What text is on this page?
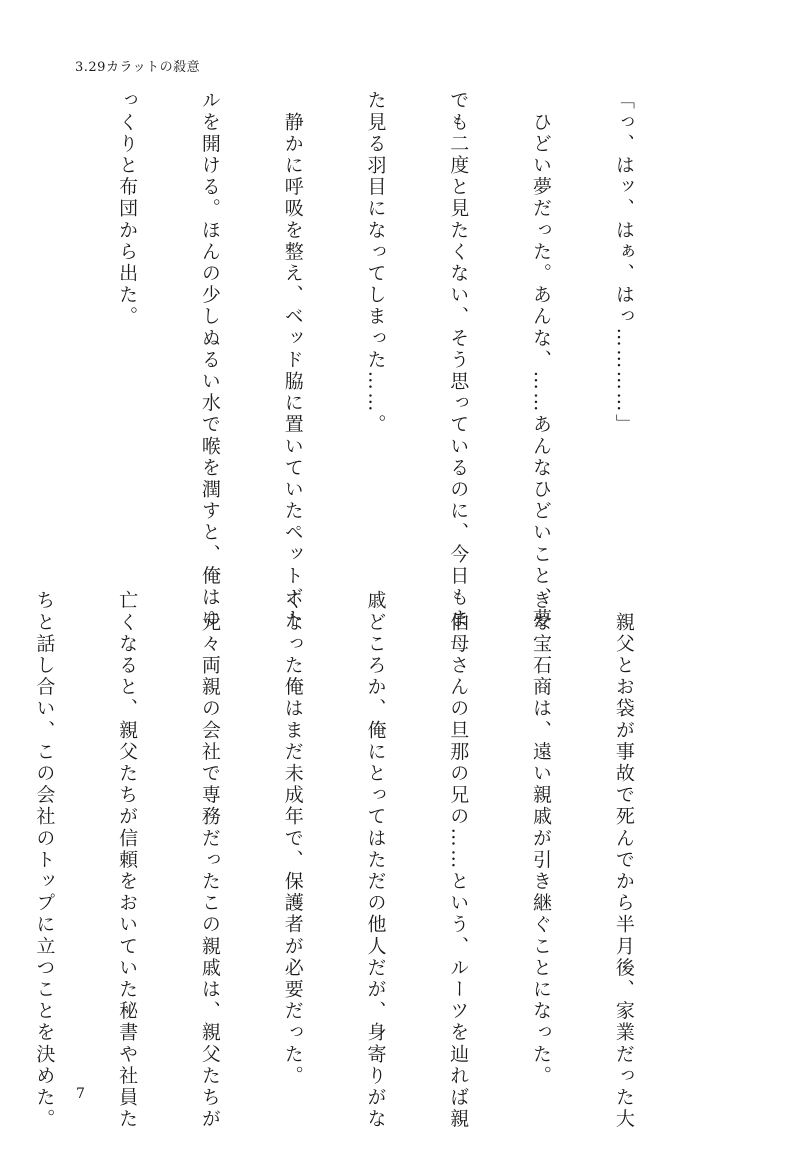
3.29カラットの殺意

「っ、はッ、はぁ、はっ…………」

　ひどい夢だった。あんな、……あんなひどいこと、夢

でも二度と見たくない、そう思っているのに、今日もま

た見る羽目になってしまった……。

　静かに呼吸を整え、ベッド脇に置いていたペットボト

ルを開ける。ほんの少しぬるい水で喉を潤すと、俺はゆ

っくりと布団から出た。

　親父とお袋が事故で死んでから半月後、家業だった大

きな宝石商は、遠い親戚が引き継ぐことになった。

　伯母さんの旦那の兄の……という、ルーツを辿れば親

戚どころか、俺にとってはただの他人だが、身寄りがな

くなった俺はまだ未成年で、保護者が必要だった。

　元々両親の会社で専務だったこの親戚は、親父たちが

亡くなると、親父たちが信頼をおいていた秘書や社員た

ちと話し合い、この会社のトップに立つことを決めた。

7
